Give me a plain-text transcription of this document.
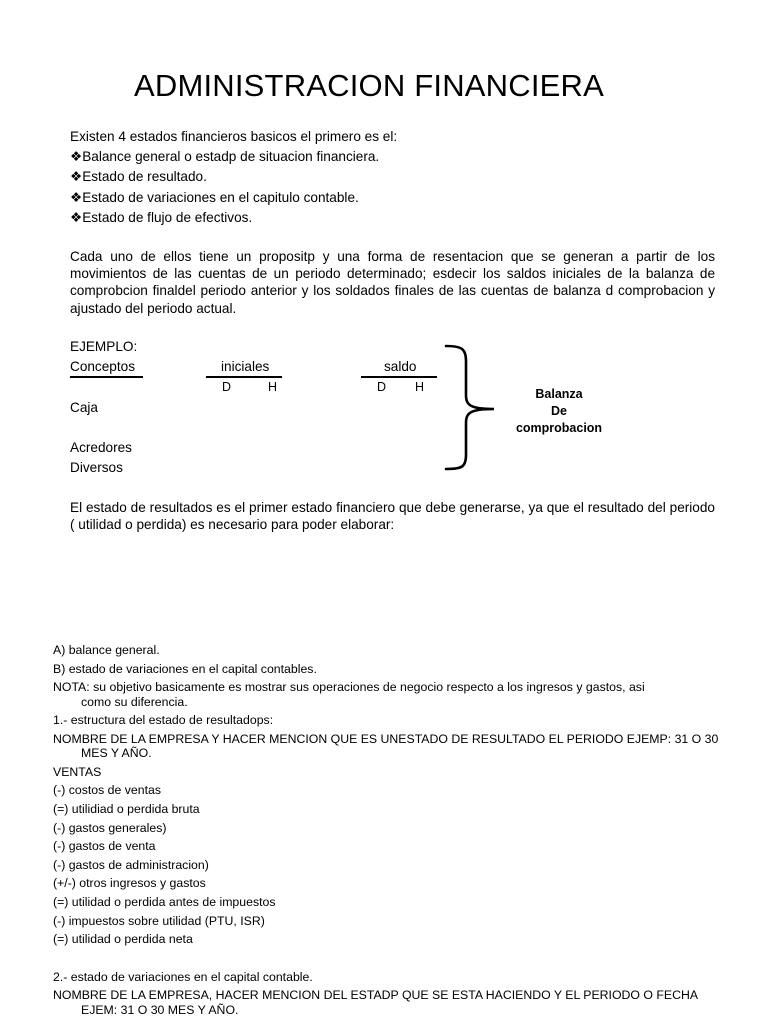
ADMINISTRACION FINANCIERA
Existen 4 estados financieros basicos el primero es el:
❖Balance general o estadp de situacion financiera.
❖Estado de resultado.
❖Estado de variaciones en el capitulo contable.
❖Estado de flujo de efectivos.
Cada uno de ellos tiene un propositp y una forma de resentacion que se generan a partir de los movimientos de las cuentas de un periodo determinado; esdecir los saldos iniciales de la balanza de comprobcion finaldel periodo anterior y los soldados finales de las cuentas de balanza d comprobacion y ajustado del periodo actual.
EJEMPLO:
Conceptos	iniciales
D	H
saldo
D H
Caja
Acredores
Diversos
Balanza
De
comprobacion
El estado de resultados es el primer estado financiero que debe generarse, ya que el resultado del periodo ( utilidad o perdida) es necesario para poder elaborar:
A) balance general.
B) estado de variaciones en el capital contables.
NOTA: su objetivo basicamente es mostrar sus operaciones de negocio respecto a los ingresos y gastos, asi
como su diferencia.
1.- estructura del estado de resultadops:
NOMBRE DE LA EMPRESA Y HACER MENCION QUE ES UNESTADO DE RESULTADO EL PERIODO EJEMP: 31 O 30
MES Y AÑO.
VENTAS
(-) costos de ventas
(=) utilidiad o perdida bruta
(-) gastos generales)
(-) gastos de venta
(-) gastos de administracion)
(+/-) otros ingresos y gastos
(=) utilidad o perdida antes de impuestos
(-) impuestos sobre utilidad (PTU, ISR)
(=) utilidad o perdida neta
2.- estado de variaciones en el capital contable.
NOMBRE DE LA EMPRESA, HACER MENCION DEL ESTADP QUE SE ESTA HACIENDO Y EL PERIODO O FECHA
EJEM: 31 O 30 MES Y AÑO.
